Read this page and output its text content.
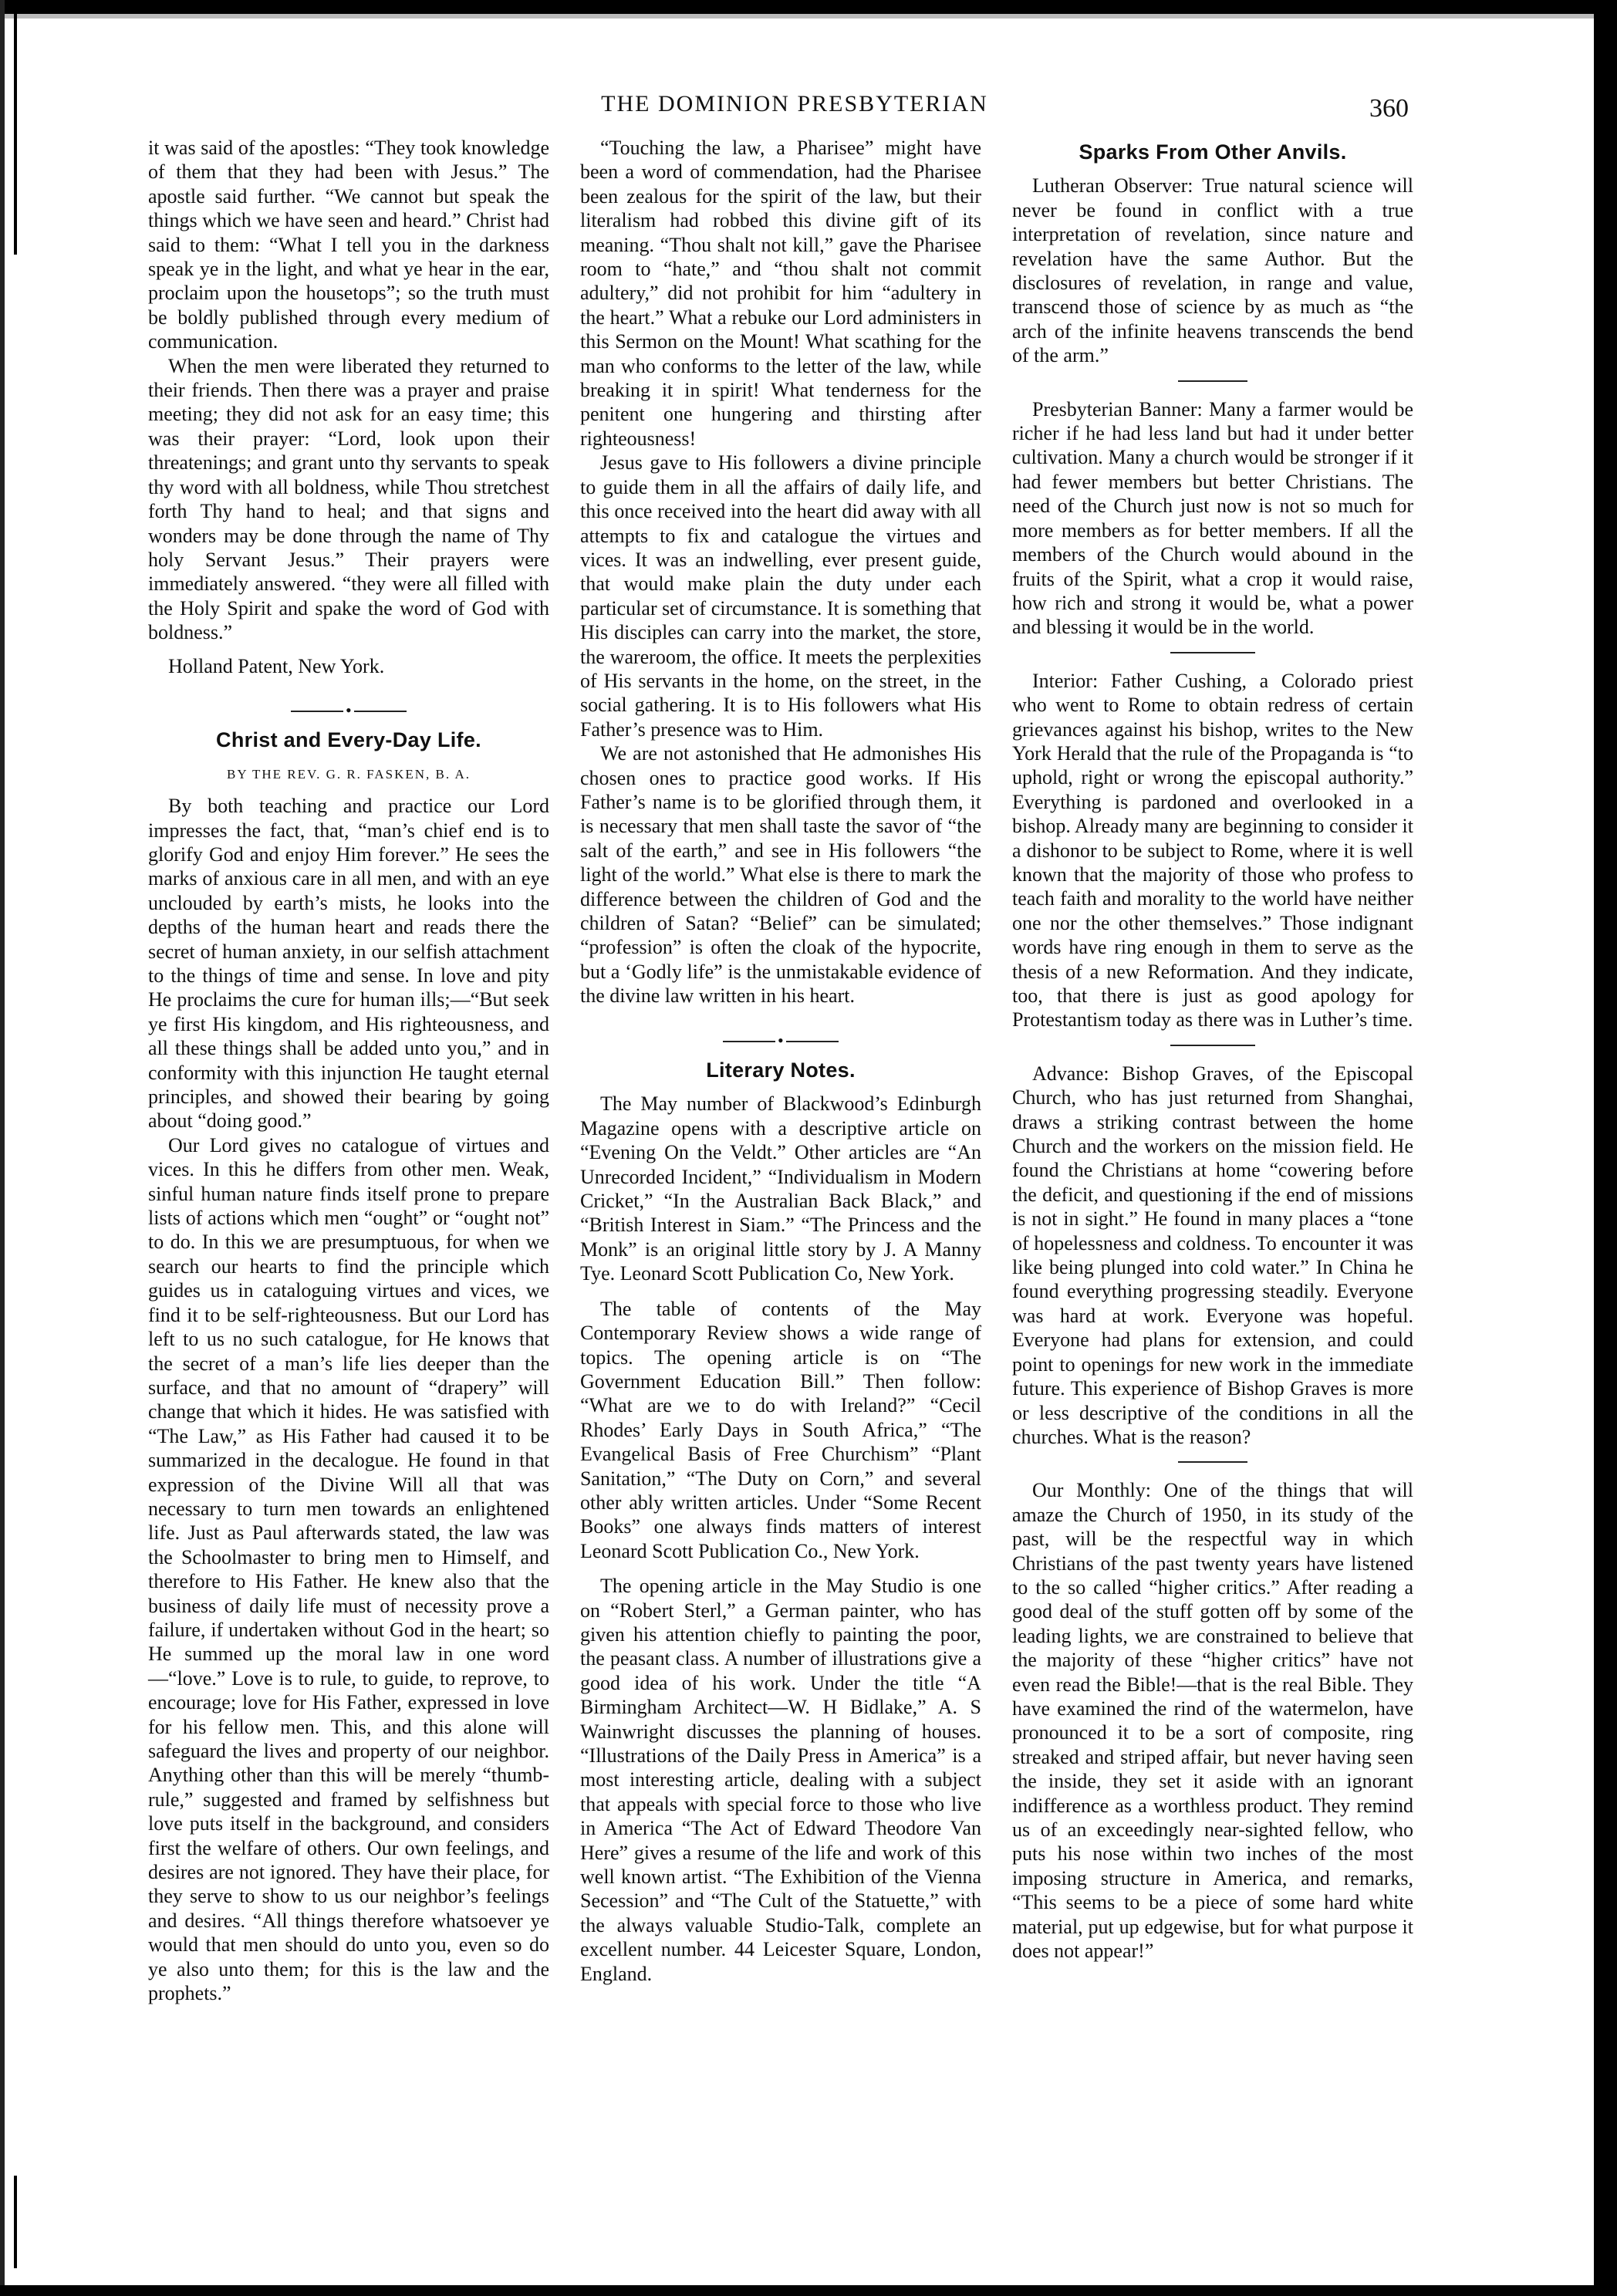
THE DOMINION PRESBYTERIAN	360

it was said of the apostles: “They took knowledge of them that they had been with Jesus.” The apostle said further. “We cannot but speak the things which we have seen and heard.” Christ had said to them: “What I tell you in the darkness speak ye in the light, and what ye hear in the ear, proclaim upon the housetops”; so the truth must be boldly published through every medium of communication.

When the men were liberated they returned to their friends. Then there was a prayer and praise meeting; they did not ask for an easy time; this was their prayer: “Lord, look upon their threatenings; and grant unto thy servants to speak thy word with all boldness, while Thou stretchest forth Thy hand to heal; and that signs and wonders may be done through the name of Thy holy Servant Jesus.” Their prayers were immediately answered. “they were all filled with the Holy Spirit and spake the word of God with boldness.”

Holland Patent, New York.

•
Christ and Every-Day Life.
BY THE REV. G. R. FASKEN, B. A.

By both teaching and practice our Lord impresses the fact, that, “man’s chief end is to glorify God and enjoy Him forever.” He sees the marks of anxious care in all men, and with an eye unclouded by earth’s mists, he looks into the depths of the human heart and reads there the secret of human anxiety, in our selfish attachment to the things of time and sense. In love and pity He proclaims the cure for human ills;—“But seek ye first His kingdom, and His righteousness, and all these things shall be added unto you,” and in conformity with this injunction He taught eternal principles, and showed their bearing by going about “doing good.”

Our Lord gives no catalogue of virtues and vices. In this he differs from other men. Weak, sinful human nature finds itself prone to prepare lists of actions which men “ought” or “ought not” to do. In this we are presumptuous, for when we search our hearts to find the principle which guides us in cataloguing virtues and vices, we find it to be self-righteousness. But our Lord has left to us no such catalogue, for He knows that the secret of a man’s life lies deeper than the surface, and that no amount of “drapery” will change that which it hides. He was satisfied with “The Law,” as His Father had caused it to be summarized in the decalogue. He found in that expression of the Divine Will all that was necessary to turn men towards an enlightened life. Just as Paul afterwards stated, the law was the Schoolmaster to bring men to Himself, and therefore to His Father. He knew also that the business of daily life must of necessity prove a failure, if undertaken without God in the heart; so He summed up the moral law in one word —“love.” Love is to rule, to guide, to reprove, to encourage; love for His Father, expressed in love for his fellow men. This, and this alone will safeguard the lives and property of our neighbor. Anything other than this will be merely “thumb-rule,” suggested and framed by selfishness but love puts itself in the background, and considers first the welfare of others. Our own feelings, and desires are not ignored. They have their place, for they serve to show to us our neighbor’s feelings and desires. “All things therefore whatsoever ye would that men should do unto you, even so do ye also unto them; for this is the law and the prophets.”

“Touching the law, a Pharisee” might have been a word of commendation, had the Pharisee been zealous for the spirit of the law, but their literalism had robbed this divine gift of its meaning. “Thou shalt not kill,” gave the Pharisee room to “hate,” and “thou shalt not commit adultery,” did not prohibit for him “adultery in the heart.” What a rebuke our Lord administers in this Sermon on the Mount! What scathing for the man who conforms to the letter of the law, while breaking it in spirit! What tenderness for the penitent one hungering and thirsting after righteousness!

Jesus gave to His followers a divine principle to guide them in all the affairs of daily life, and this once received into the heart did away with all attempts to fix and catalogue the virtues and vices. It was an indwelling, ever present guide, that would make plain the duty under each particular set of circumstance. It is something that His disciples can carry into the market, the store, the wareroom, the office. It meets the perplexities of His servants in the home, on the street, in the social gathering. It is to His followers what His Father’s presence was to Him.

We are not astonished that He admonishes His chosen ones to practice good works. If His Father’s name is to be glorified through them, it is necessary that men shall taste the savor of “the salt of the earth,” and see in His followers “the light of the world.” What else is there to mark the difference between the children of God and the children of Satan? “Belief” can be simulated; “profession” is often the cloak of the hypocrite, but a ‘Godly life” is the unmistakable evidence of the divine law written in his heart.

•
Literary Notes.

The May number of Blackwood’s Edinburgh Magazine opens with a descriptive article on “Evening On the Veldt.” Other articles are “An Unrecorded Incident,” “Individualism in Modern Cricket,” “In the Australian Back Black,” and “British Interest in Siam.” “The Princess and the Monk” is an original little story by J. A Manny Tye. Leonard Scott Publication Co, New York.

The table of contents of the May Contemporary Review shows a wide range of topics. The opening article is on “The Government Education Bill.” Then follow: “What are we to do with Ireland?” “Cecil Rhodes’ Early Days in South Africa,” “The Evangelical Basis of Free Churchism” “Plant Sanitation,” “The Duty on Corn,” and several other ably written articles. Under “Some Recent Books” one always finds matters of interest Leonard Scott Publication Co., New York.

The opening article in the May Studio is one on “Robert Sterl,” a German painter, who has given his attention chiefly to painting the poor, the peasant class. A number of illustrations give a good idea of his work. Under the title “A Birmingham Architect—W. H Bidlake,” A. S Wainwright discusses the planning of houses. “Illustrations of the Daily Press in America” is a most interesting article, dealing with a subject that appeals with special force to those who live in America “The Act of Edward Theodore Van Here” gives a resume of the life and work of this well known artist. “The Exhibition of the Vienna Secession” and “The Cult of the Statuette,” with the always valuable Studio-Talk, complete an excellent number. 44 Leicester Square, London, England.

Sparks From Other Anvils.

Lutheran Observer: True natural science will never be found in conflict with a true interpretation of revelation, since nature and revelation have the same Author. But the disclosures of revelation, in range and value, transcend those of science by as much as “the arch of the infinite heavens transcends the bend of the arm.”

Presbyterian Banner: Many a farmer would be richer if he had less land but had it under better cultivation. Many a church would be stronger if it had fewer members but better Christians. The need of the Church just now is not so much for more members as for better members. If all the members of the Church would abound in the fruits of the Spirit, what a crop it would raise, how rich and strong it would be, what a power and blessing it would be in the world.

Interior: Father Cushing, a Colorado priest who went to Rome to obtain redress of certain grievances against his bishop, writes to the New York Herald that the rule of the Propaganda is “to uphold, right or wrong the episcopal authority.” Everything is pardoned and overlooked in a bishop. Already many are beginning to consider it a dishonor to be subject to Rome, where it is well known that the majority of those who profess to teach faith and morality to the world have neither one nor the other themselves.” Those indignant words have ring enough in them to serve as the thesis of a new Reformation. And they indicate, too, that there is just as good apology for Protestantism today as there was in Luther’s time.

Advance: Bishop Graves, of the Episcopal Church, who has just returned from Shanghai, draws a striking contrast between the home Church and the workers on the mission field. He found the Christians at home “cowering before the deficit, and questioning if the end of missions is not in sight.” He found in many places a “tone of hopelessness and coldness. To encounter it was like being plunged into cold water.” In China he found everything progressing steadily. Everyone was hard at work. Everyone was hopeful. Everyone had plans for extension, and could point to openings for new work in the immediate future. This experience of Bishop Graves is more or less descriptive of the conditions in all the churches. What is the reason?

Our Monthly: One of the things that will amaze the Church of 1950, in its study of the past, will be the respectful way in which Christians of the past twenty years have listened to the so called “higher critics.” After reading a good deal of the stuff gotten off by some of the leading lights, we are constrained to believe that the majority of these “higher critics” have not even read the Bible!—that is the real Bible. They have examined the rind of the watermelon, have pronounced it to be a sort of composite, ring streaked and striped affair, but never having seen the inside, they set it aside with an ignorant indifference as a worthless product. They remind us of an exceedingly near-sighted fellow, who puts his nose within two inches of the most imposing structure in America, and remarks, “This seems to be a piece of some hard white material, put up edgewise, but for what purpose it does not appear!”
